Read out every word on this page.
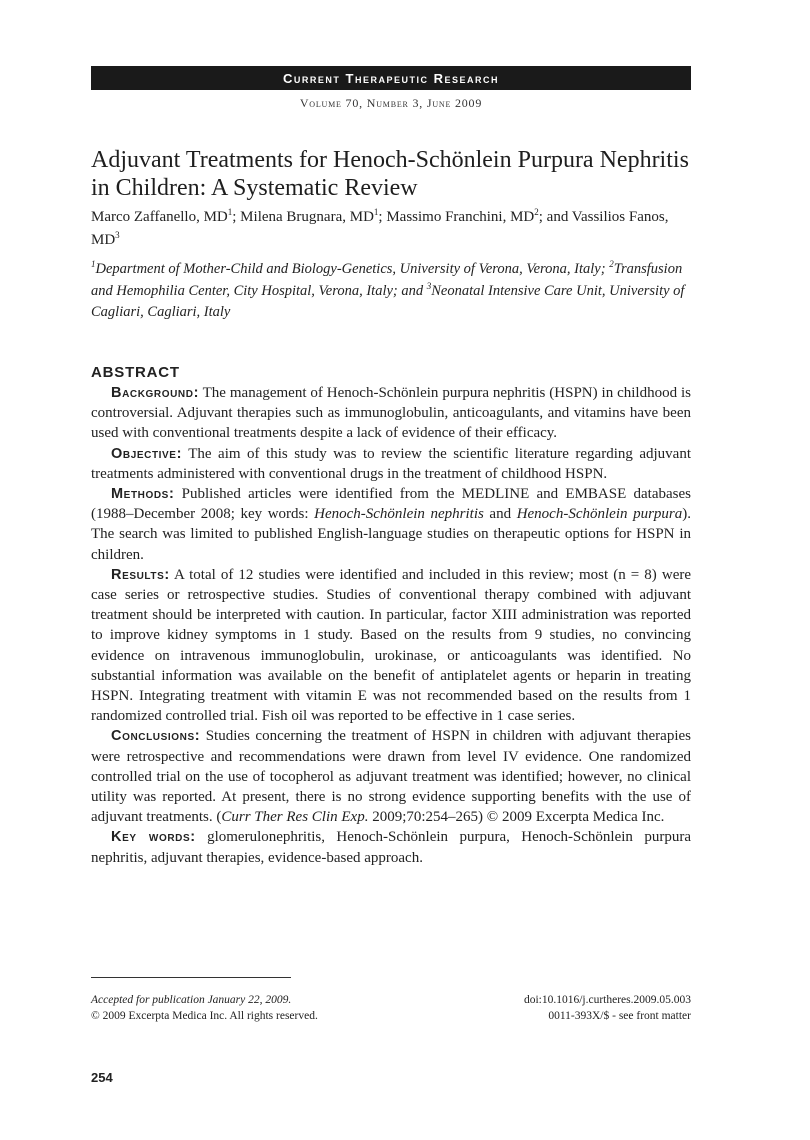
Current Therapeutic Research
Volume 70, Number 3, June 2009
Adjuvant Treatments for Henoch-Schönlein Purpura Nephritis in Children: A Systematic Review
Marco Zaffanello, $MD^1$; Milena Brugnara, $MD^1$; Massimo Franchini, $MD^2$; and Vassilios Fanos, $MD^3$
$^1$Department of Mother-Child and Biology-Genetics, University of Verona, Verona, Italy; $^2$Transfusion and Hemophilia Center, City Hospital, Verona, Italy; and $^3$Neonatal Intensive Care Unit, University of Cagliari, Cagliari, Italy
ABSTRACT

Background: The management of Henoch-Schönlein purpura nephritis (HSPN) in childhood is controversial. Adjuvant therapies such as immunoglobulin, anticoagulants, and vitamins have been used with conventional treatments despite a lack of evidence of their efficacy.

Objective: The aim of this study was to review the scientific literature regarding adjuvant treatments administered with conventional drugs in the treatment of childhood HSPN.

Methods: Published articles were identified from the MEDLINE and EMBASE databases (1988–December 2008; key words: Henoch-Schönlein nephritis and Henoch-Schönlein purpura). The search was limited to published English-language studies on therapeutic options for HSPN in children.

Results: A total of 12 studies were identified and included in this review; most (n = 8) were case series or retrospective studies. Studies of conventional therapy combined with adjuvant treatment should be interpreted with caution. In particular, factor XIII administration was reported to improve kidney symptoms in 1 study. Based on the results from 9 studies, no convincing evidence on intravenous immunoglobulin, urokinase, or anticoagulants was identified. No substantial information was available on the benefit of antiplatelet agents or heparin in treating HSPN. Integrating treatment with vitamin E was not recommended based on the results from 1 randomized controlled trial. Fish oil was reported to be effective in 1 case series.

Conclusions: Studies concerning the treatment of HSPN in children with adjuvant therapies were retrospective and recommendations were drawn from level IV evidence. One randomized controlled trial on the use of tocopherol as adjuvant treatment was identified; however, no clinical utility was reported. At present, there is no strong evidence supporting benefits with the use of adjuvant treatments. (Curr Ther Res Clin Exp. 2009;70:254–265) © 2009 Excerpta Medica Inc.

Key words: glomerulonephritis, Henoch-Schönlein purpura, Henoch-Schönlein purpura nephritis, adjuvant therapies, evidence-based approach.

Accepted for publication January 22, 2009.
© 2009 Excerpta Medica Inc. All rights reserved.
doi:10.1016/j.curtheres.2009.05.003
0011-393X/$ - see front matter
254
